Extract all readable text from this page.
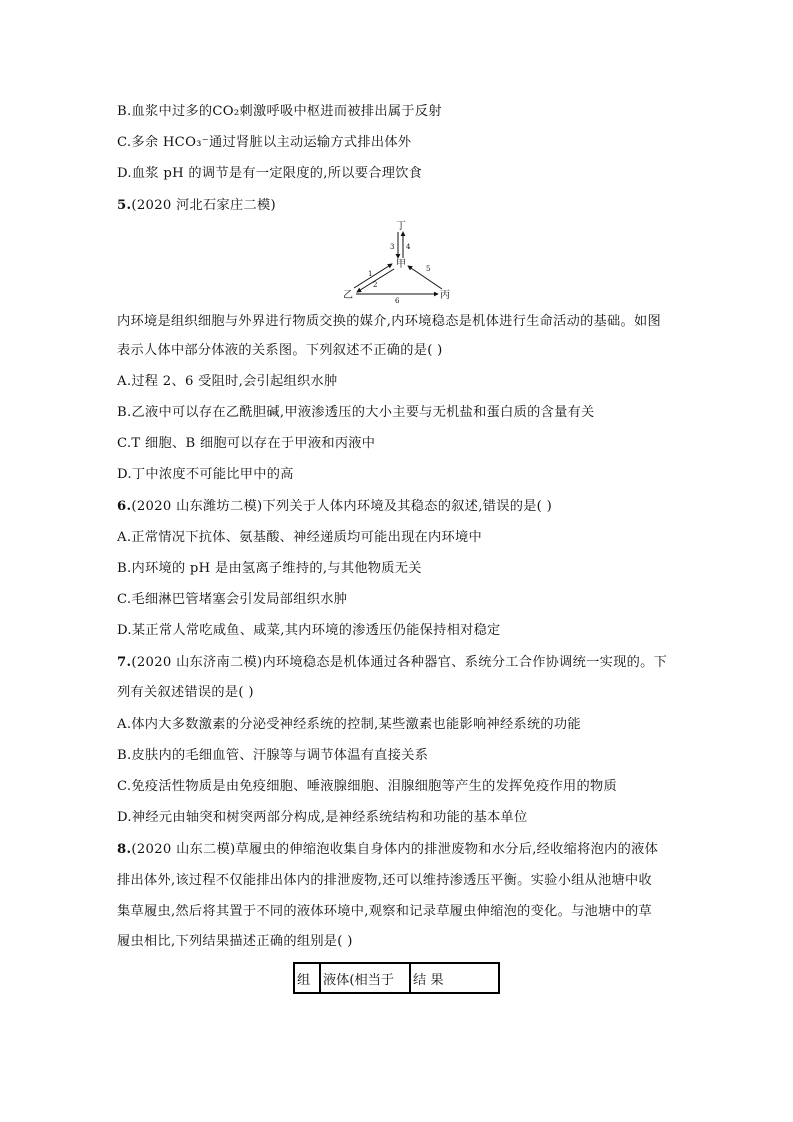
B.血浆中过多的CO₂刺激呼吸中枢进而被排出属于反射
C.多余 HCO₃⁻通过肾脏以主动运输方式排出体外
D.血浆 pH 的调节是有一定限度的,所以要合理饮食
5.(2020 河北石家庄二模)
丁
甲
乙	丙
3 4
1
2
5
6
内环境是组织细胞与外界进行物质交换的媒介,内环境稳态是机体进行生命活动的基础。如图
表示人体中部分体液的关系图。下列叙述不正确的是( )
A.过程 2、6 受阻时,会引起组织水肿
B.乙液中可以存在乙酰胆碱,甲液渗透压的大小主要与无机盐和蛋白质的含量有关
C.T 细胞、B 细胞可以存在于甲液和丙液中
D.丁中浓度不可能比甲中的高
6.(2020 山东潍坊二模)下列关于人体内环境及其稳态的叙述,错误的是( )
A.正常情况下抗体、氨基酸、神经递质均可能出现在内环境中
B.内环境的 pH 是由氢离子维持的,与其他物质无关
C.毛细淋巴管堵塞会引发局部组织水肿
D.某正常人常吃咸鱼、咸菜,其内环境的渗透压仍能保持相对稳定
7.(2020 山东济南二模)内环境稳态是机体通过各种器官、系统分工合作协调统一实现的。下
列有关叙述错误的是( )
A.体内大多数激素的分泌受神经系统的控制,某些激素也能影响神经系统的功能
B.皮肤内的毛细血管、汗腺等与调节体温有直接关系
C.免疫活性物质是由免疫细胞、唾液腺细胞、泪腺细胞等产生的发挥免疫作用的物质
D.神经元由轴突和树突两部分构成,是神经系统结构和功能的基本单位
8.(2020 山东二模)草履虫的伸缩泡收集自身体内的排泄废物和水分后,经收缩将泡内的液体
排出体外,该过程不仅能排出体内的排泄废物,还可以维持渗透压平衡。实验小组从池塘中收
集草履虫,然后将其置于不同的液体环境中,观察和记录草履虫伸缩泡的变化。与池塘中的草
履虫相比,下列结果描述正确的组别是( )
组	液体(相当于	结 果
